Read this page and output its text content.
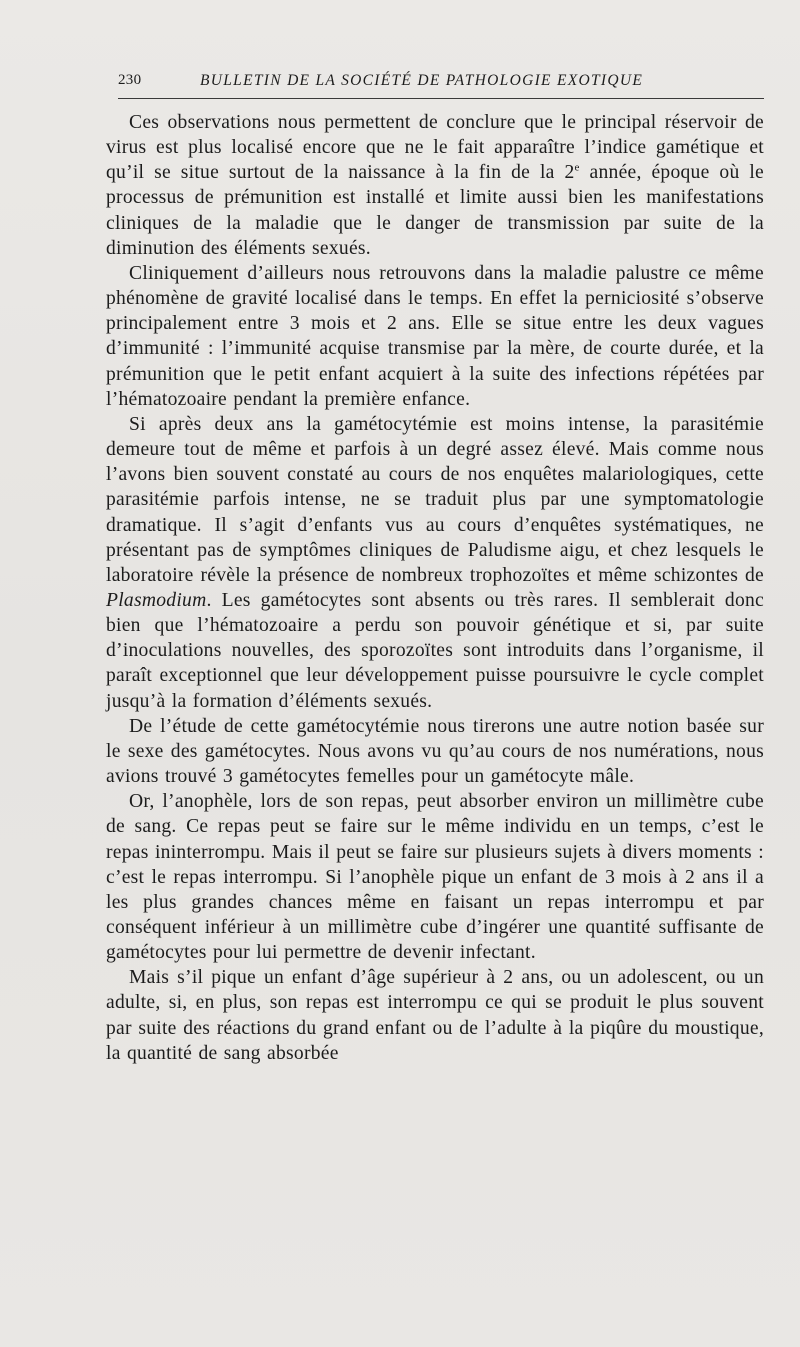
230	BULLETIN DE LA SOCIÉTÉ DE PATHOLOGIE EXOTIQUE

Ces observations nous permettent de conclure que le principal réservoir de virus est plus localisé encore que ne le fait apparaître l’indice gamétique et qu’il se situe surtout de la naissance à la fin de la 2e année, époque où le processus de prémunition est installé et limite aussi bien les manifestations cliniques de la maladie que le danger de transmission par suite de la diminution des éléments sexués.

Cliniquement d’ailleurs nous retrouvons dans la maladie palustre ce même phénomène de gravité localisé dans le temps. En effet la perniciosité s’observe principalement entre 3 mois et 2 ans. Elle se situe entre les deux vagues d’immunité : l’immunité acquise transmise par la mère, de courte durée, et la prémunition que le petit enfant acquiert à la suite des infections répétées par l’hématozoaire pendant la première enfance.

Si après deux ans la gamétocytémie est moins intense, la parasitémie demeure tout de même et parfois à un degré assez élevé. Mais comme nous l’avons bien souvent constaté au cours de nos enquêtes malariologiques, cette parasitémie parfois intense, ne se traduit plus par une symptomatologie dramatique. Il s’agit d’enfants vus au cours d’enquêtes systématiques, ne présentant pas de symptômes cliniques de Paludisme aigu, et chez lesquels le laboratoire révèle la présence de nombreux trophozoïtes et même schizontes de Plasmodium. Les gamétocytes sont absents ou très rares. Il semblerait donc bien que l’hématozoaire a perdu son pouvoir génétique et si, par suite d’inoculations nouvelles, des sporozoïtes sont introduits dans l’organisme, il paraît exceptionnel que leur développement puisse poursuivre le cycle complet jusqu’à la formation d’éléments sexués.

De l’étude de cette gamétocytémie nous tirerons une autre notion basée sur le sexe des gamétocytes. Nous avons vu qu’au cours de nos numérations, nous avions trouvé 3 gamétocytes femelles pour un gamétocyte mâle.

Or, l’anophèle, lors de son repas, peut absorber environ un millimètre cube de sang. Ce repas peut se faire sur le même individu en un temps, c’est le repas ininterrompu. Mais il peut se faire sur plusieurs sujets à divers moments : c’est le repas interrompu. Si l’anophèle pique un enfant de 3 mois à 2 ans il a les plus grandes chances même en faisant un repas interrompu et par conséquent inférieur à un millimètre cube d’ingérer une quantité suffisante de gamétocytes pour lui permettre de devenir infectant.

Mais s’il pique un enfant d’âge supérieur à 2 ans, ou un adolescent, ou un adulte, si, en plus, son repas est interrompu ce qui se produit le plus souvent par suite des réactions du grand enfant ou de l’adulte à la piqûre du moustique, la quantité de sang absorbée
